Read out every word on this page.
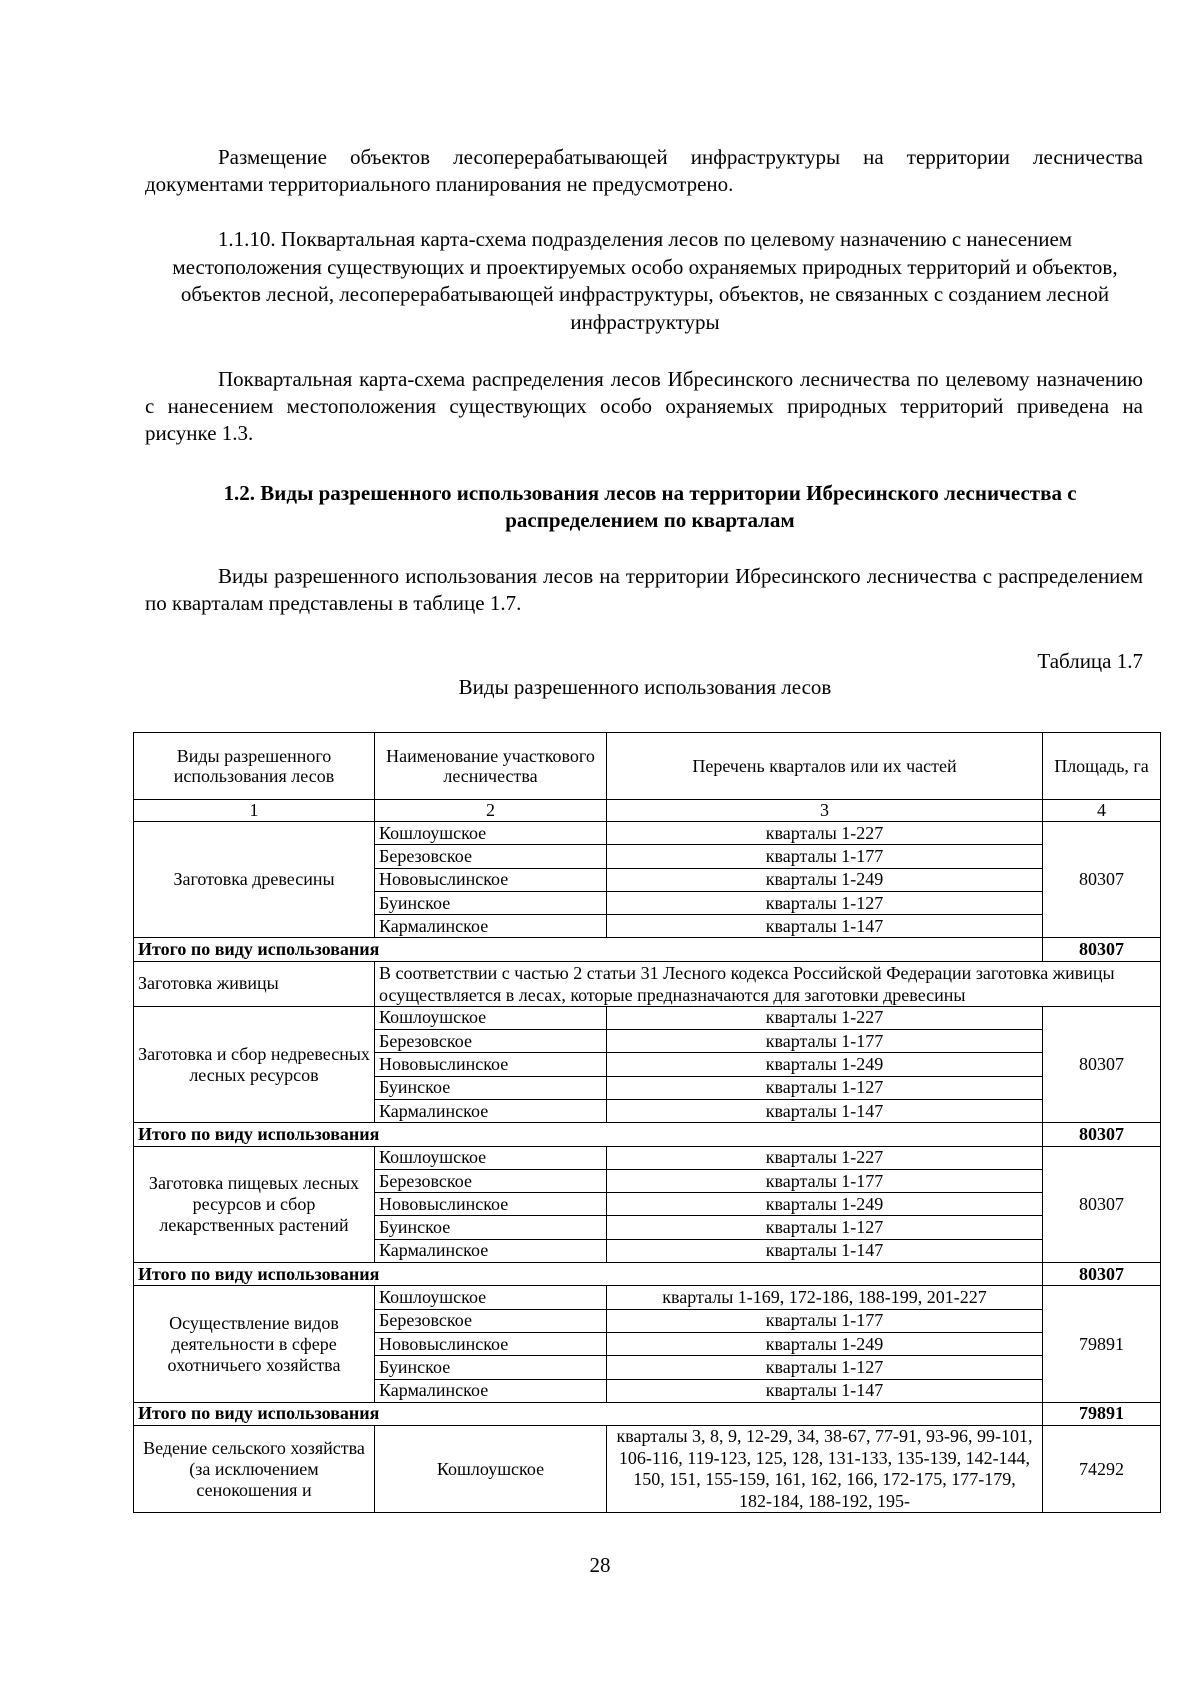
Размещение объектов лесоперерабатывающей инфраструктуры на территории лесничества документами территориального планирования не предусмотрено.
1.1.10. Поквартальная карта-схема подразделения лесов по целевому назначению с нанесением местоположения существующих и проектируемых особо охраняемых природных территорий и объектов, объектов лесной, лесоперерабатывающей инфраструктуры, объектов, не связанных с созданием лесной инфраструктуры
Поквартальная карта-схема распределения лесов Ибресинского лесничества по целевому назначению с нанесением местоположения существующих особо охраняемых природных территорий приведена на рисунке 1.3.
1.2. Виды разрешенного использования лесов на территории Ибресинского лесничества с распределением по кварталам
Виды разрешенного использования лесов на территории Ибресинского лесничества с распределением по кварталам представлены в таблице 1.7.
Таблица 1.7
Виды разрешенного использования лесов
Виды разрешенного использования лесов	Наименование участкового лесничества	Перечень кварталов или их частей	Площадь, га
1	2	3	4
Заготовка древесины	Кошлоушское	кварталы 1-227	80307
	Березовское	кварталы 1-177	
	Нововыслинское	кварталы 1-249	
	Буинское	кварталы 1-127	
	Кармалинское	кварталы 1-147	
Итого по виду использования			80307
Заготовка живицы	В соответствии с частью 2 статьи 31 Лесного кодекса Российской Федерации заготовка живицы осуществляется в лесах, которые предназначаются для заготовки древесины		
Заготовка и сбор недревесных лесных ресурсов	Кошлоушское	кварталы 1-227	80307
	Березовское	кварталы 1-177	
	Нововыслинское	кварталы 1-249	
	Буинское	кварталы 1-127	
	Кармалинское	кварталы 1-147	
Итого по виду использования			80307
Заготовка пищевых лесных ресурсов и сбор лекарственных растений	Кошлоушское	кварталы 1-227	80307
	Березовское	кварталы 1-177	
	Нововыслинское	кварталы 1-249	
	Буинское	кварталы 1-127	
	Кармалинское	кварталы 1-147	
Итого по виду использования			80307
Осуществление видов деятельности в сфере охотничьего хозяйства	Кошлоушское	кварталы 1-169, 172-186, 188-199, 201-227	79891
	Березовское	кварталы 1-177	
	Нововыслинское	кварталы 1-249	
	Буинское	кварталы 1-127	
	Кармалинское	кварталы 1-147	
Итого по виду использования			79891
Ведение сельского хозяйства (за исключением сенокошения и	Кошлоушское	кварталы 3, 8, 9, 12-29, 34, 38-67, 77-91, 93-96, 99-101, 106-116, 119-123, 125, 128, 131-133, 135-139, 142-144, 150, 151, 155-159, 161, 162, 166, 172-175, 177-179, 182-184, 188-192, 195-	74292
28
